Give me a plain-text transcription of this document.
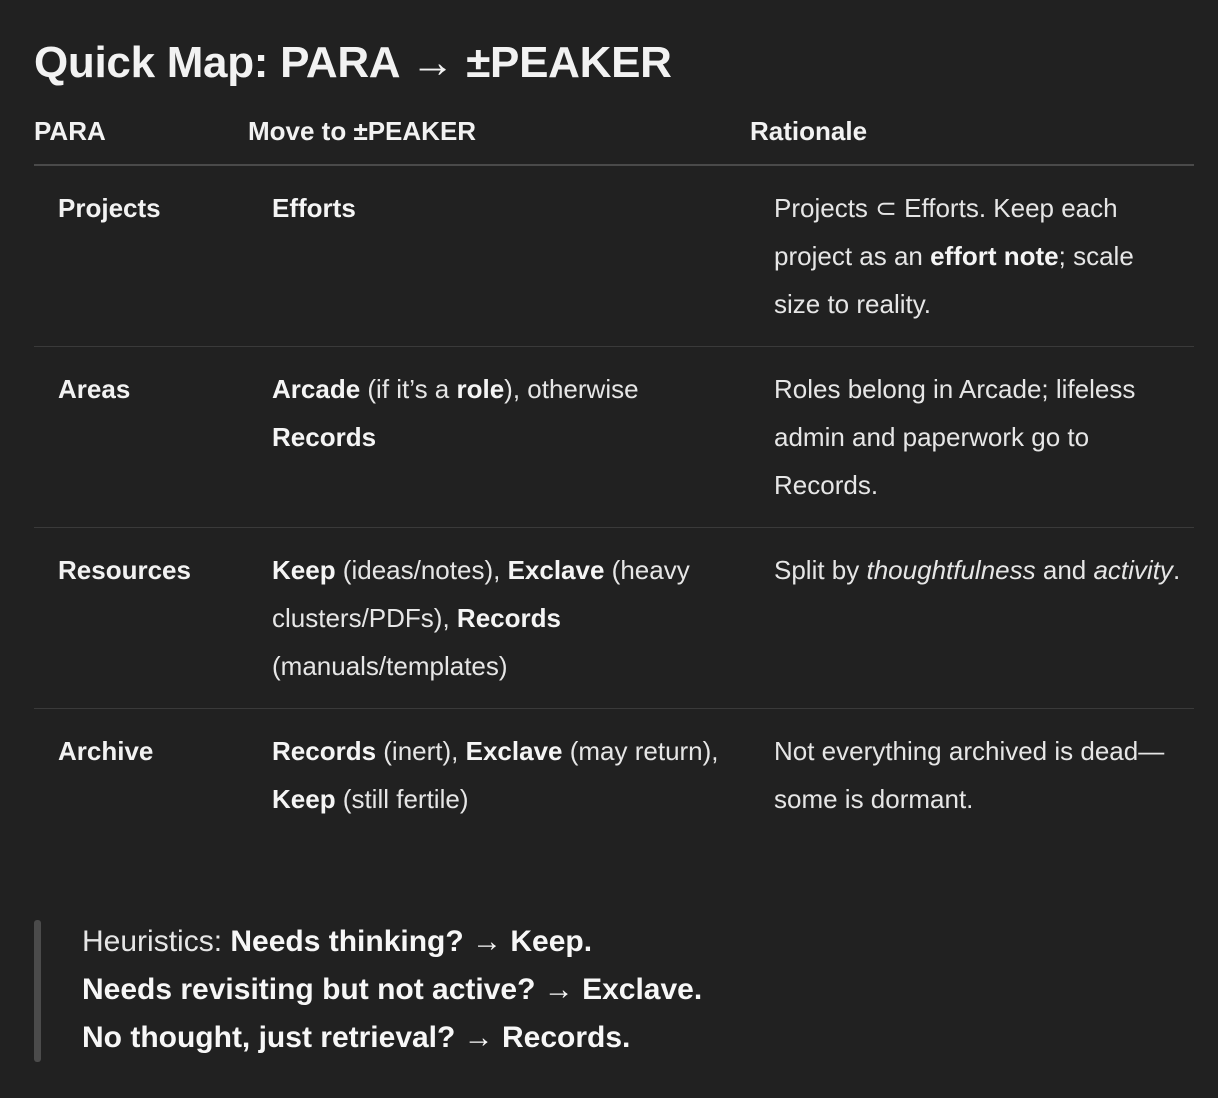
Quick Map: PARA → ±PEAKER
PARA	Move to ±PEAKER	Rationale
Projects	Efforts	Projects ⊂ Efforts. Keep each project as an effort note; scale size to reality.
Areas	Arcade (if it’s a role), otherwise Records	Roles belong in Arcade; lifeless admin and paperwork go to Records.
Resources	Keep (ideas/notes), Exclave (heavy clusters/PDFs), Records (manuals/templates)	Split by thoughtfulness and activity.
Archive	Records (inert), Exclave (may return), Keep (still fertile)	Not everything archived is dead—some is dormant.
Heuristics: Needs thinking? → Keep.
Needs revisiting but not active? → Exclave.
No thought, just retrieval? → Records.
